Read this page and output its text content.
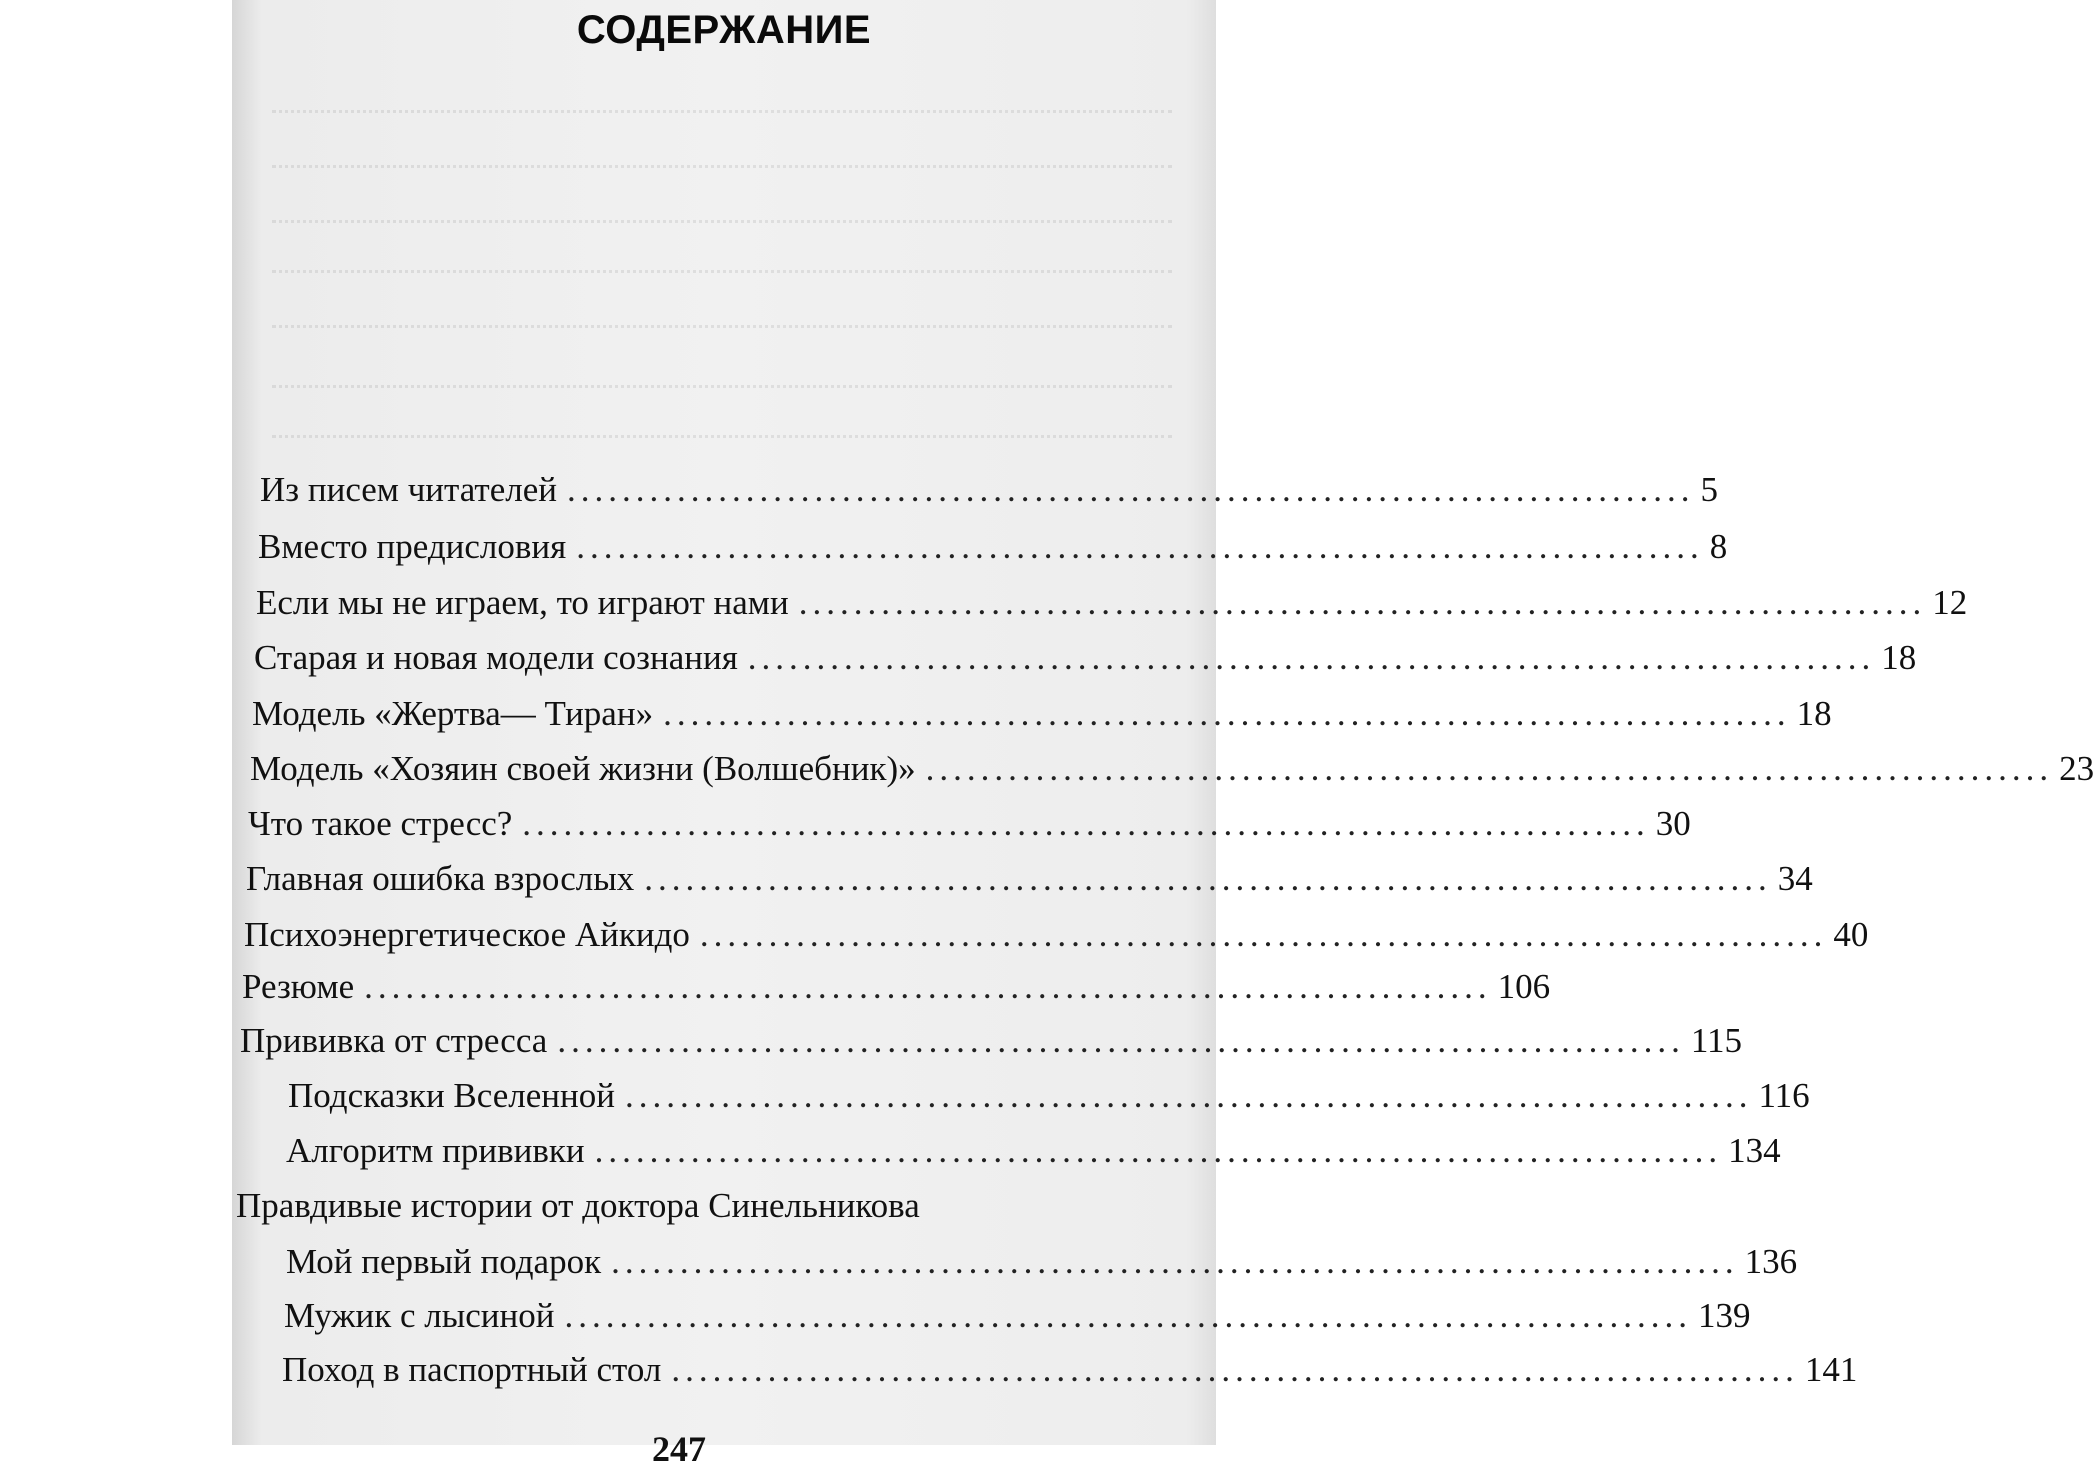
СОДЕРЖАНИЕ
Из писем читателей .................................................................................. 5
Вместо предисловия .................................................................................. 8
Если мы не играем, то играют нами .................................................................................. 12
Старая и новая модели сознания .................................................................................. 18
Модель «Жертва— Тиран» .................................................................................. 18
Модель «Хозяин своей жизни (Волшебник)» .................................................................................. 23
Что такое стресс? .................................................................................. 30
Главная ошибка взрослых .................................................................................. 34
Психоэнергетическое Айкидо .................................................................................. 40
Резюме .................................................................................. 106
Прививка от стресса .................................................................................. 115
Подсказки Вселенной .................................................................................. 116
Алгоритм прививки .................................................................................. 134
Правдивые истории от доктора Синельникова
Мой первый подарок .................................................................................. 136
Мужик с лысиной .................................................................................. 139
Поход в паспортный стол .................................................................................. 141
247
